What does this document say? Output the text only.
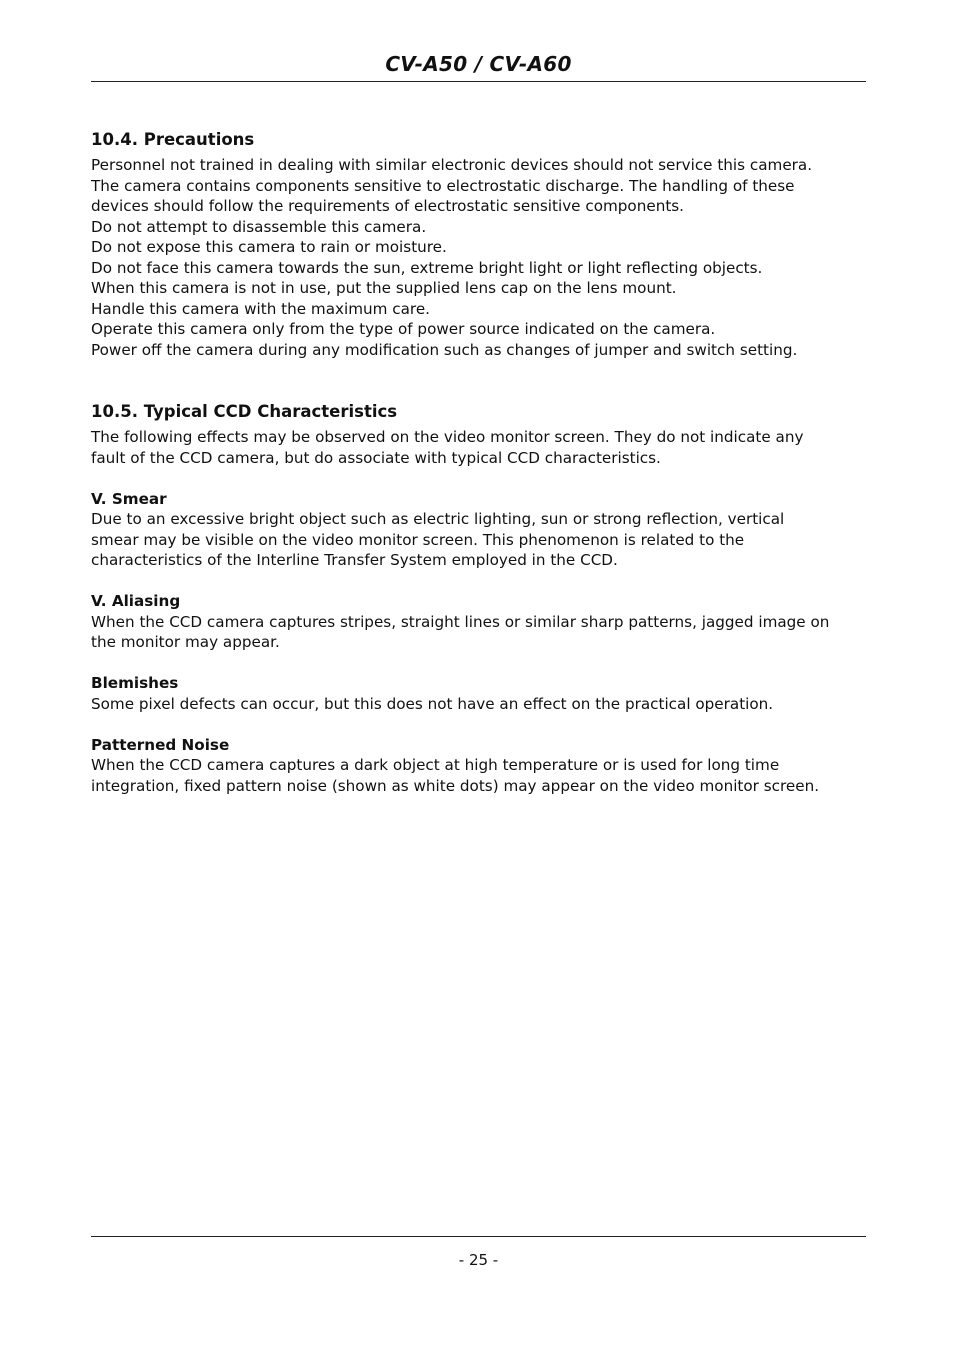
CV-A50 / CV-A60
10.4. Precautions
Personnel not trained in dealing with similar electronic devices should not service this camera.
The camera contains components sensitive to electrostatic discharge. The handling of these
devices should follow the requirements of electrostatic sensitive components.
Do not attempt to disassemble this camera.
Do not expose this camera to rain or moisture.
Do not face this camera towards the sun, extreme bright light or light reflecting objects.
When this camera is not in use, put the supplied lens cap on the lens mount.
Handle this camera with the maximum care.
Operate this camera only from the type of power source indicated on the camera.
Power off the camera during any modification such as changes of jumper and switch setting.
10.5. Typical CCD Characteristics
The following effects may be observed on the video monitor screen. They do not indicate any
fault of the CCD camera, but do associate with typical CCD characteristics.
V. Smear
Due to an excessive bright object such as electric lighting, sun or strong reflection, vertical
smear may be visible on the video monitor screen. This phenomenon is related to the
characteristics of the Interline Transfer System employed in the CCD.
V. Aliasing
When the CCD camera captures stripes, straight lines or similar sharp patterns, jagged image on
the monitor may appear.
Blemishes
Some pixel defects can occur, but this does not have an effect on the practical operation.
Patterned Noise
When the CCD camera captures a dark object at high temperature or is used for long time
integration, fixed pattern noise (shown as white dots) may appear on the video monitor screen.
- 25 -
